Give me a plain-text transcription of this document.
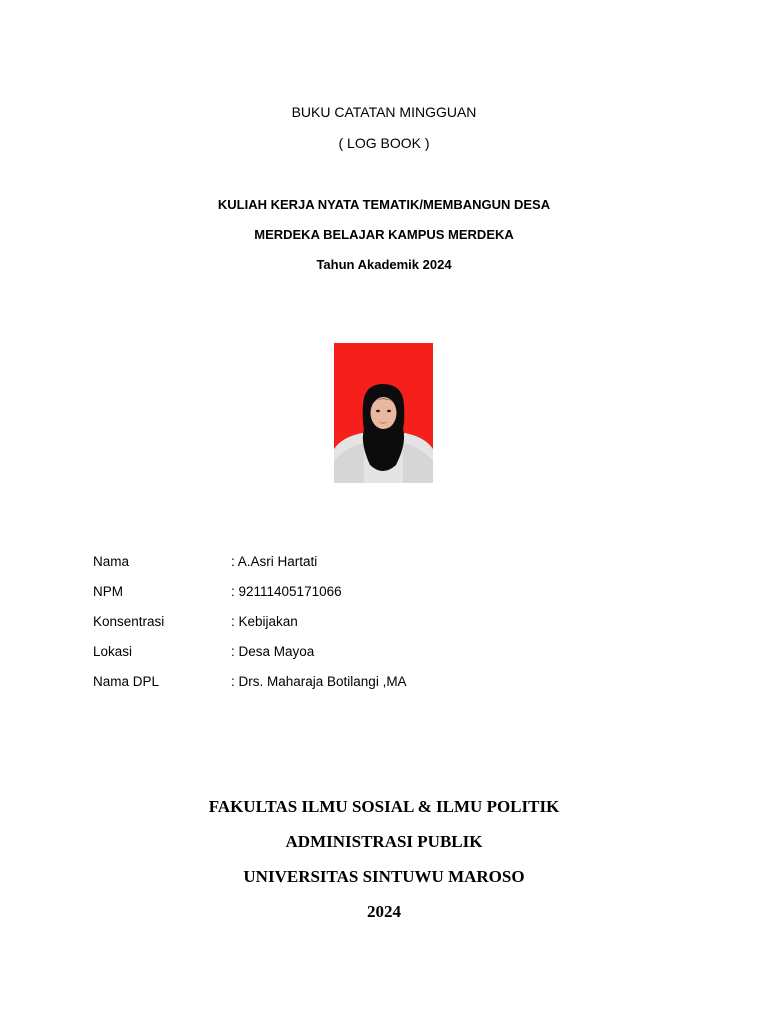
BUKU CATATAN MINGGUAN
( LOG BOOK )
KULIAH KERJA NYATA TEMATIK/MEMBANGUN DESA
MERDEKA BELAJAR KAMPUS MERDEKA
Tahun Akademik 2024
Nama	: A.Asri Hartati
NPM	: 92111405171066
Konsentrasi	: Kebijakan
Lokasi	: Desa Mayoa
Nama DPL	: Drs. Maharaja Botilangi ,MA
FAKULTAS ILMU SOSIAL & ILMU POLITIK
ADMINISTRASI PUBLIK
UNIVERSITAS SINTUWU MAROSO
2024
